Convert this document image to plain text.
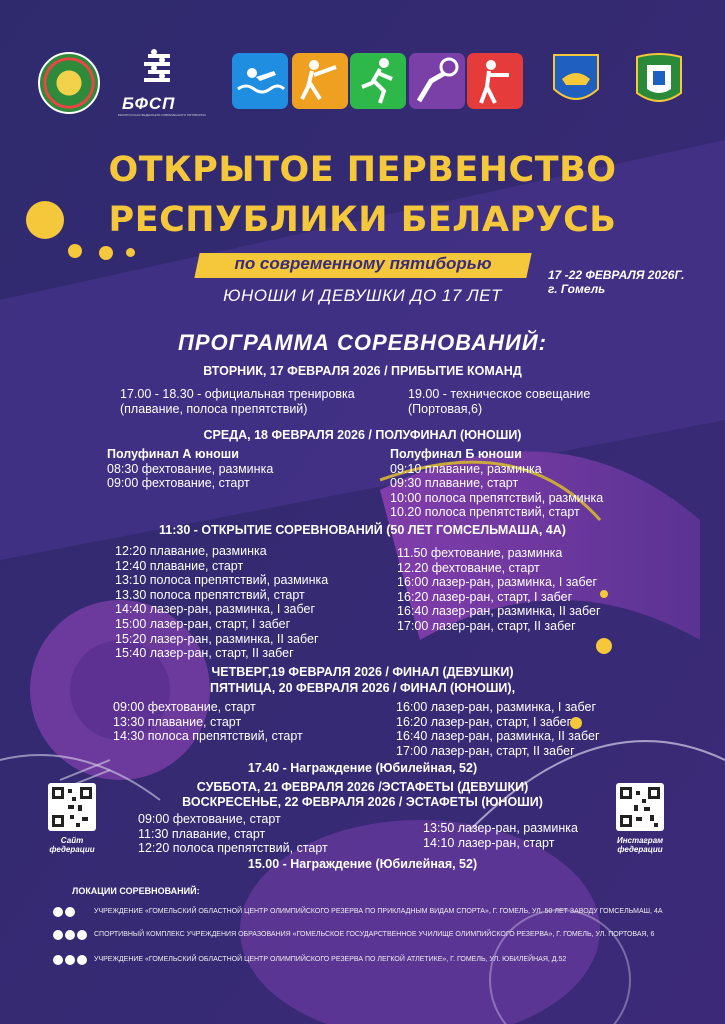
БФСП
БЕЛОРУССКАЯ ФЕДЕРАЦИЯ СОВРЕМЕННОГО ПЯТИБОРЬЯ
ОТКРЫТОЕ ПЕРВЕНСТВО
РЕСПУБЛИКИ БЕЛАРУСЬ
по современному пятиборью
ЮНОШИ И ДЕВУШКИ ДО 17 ЛЕТ
17 -22 ФЕВРАЛЯ 2026Г.
г. Гомель
ПРОГРАММА СОРЕВНОВАНИЙ:
ВТОРНИК, 17 ФЕВРАЛЯ 2026 / ПРИБЫТИЕ КОМАНД
17.00 - 18.30 - официальная тренировка
(плавание, полоса препятствий)
19.00 - техническое совещание
(Портовая,6)
СРЕДА, 18 ФЕВРАЛЯ 2026 / ПОЛУФИНАЛ (ЮНОШИ)
Полуфинал А юноши
08:30 фехтование, разминка
09:00 фехтование, старт
Полуфинал Б юноши
09:10 плавание, разминка
09:30 плавание, старт
10:00 полоса препятствий, разминка
10.20 полоса препятствий, старт
11:30 - ОТКРЫТИЕ СОРЕВНОВАНИЙ (50 ЛЕТ ГОМСЕЛЬМАША, 4А)
12:20 плавание, разминка
12:40 плавание, старт
13:10 полоса препятствий, разминка
13.30 полоса препятствий, старт
14:40 лазер-ран, разминка, I забег
15:00 лазер-ран, старт, I забег
15:20 лазер-ран, разминка, II забег
15:40 лазер-ран, старт, II забег
11.50 фехтование, разминка
12.20 фехтование, старт
16:00 лазер-ран, разминка, I забег
16:20 лазер-ран, старт, I забег
16:40 лазер-ран, разминка, II забег
17:00 лазер-ран, старт, II забег
ЧЕТВЕРГ,19 ФЕВРАЛЯ 2026 / ФИНАЛ (ДЕВУШКИ)
ПЯТНИЦА, 20 ФЕВРАЛЯ 2026 / ФИНАЛ (ЮНОШИ),
09:00 фехтование, старт
13:30 плавание, старт
14:30 полоса препятствий, старт
16:00 лазер-ран, разминка, I забег
16:20 лазер-ран, старт, I забег
16:40 лазер-ран, разминка, II забег
17:00 лазер-ран, старт, II забег
17.40 - Награждение (Юбилейная, 52)
СУББОТА, 21 ФЕВРАЛЯ 2026 /ЭСТАФЕТЫ (ДЕВУШКИ)
ВОСКРЕСЕНЬЕ, 22 ФЕВРАЛЯ 2026 / ЭСТАФЕТЫ (ЮНОШИ)
09:00 фехтование, старт
11:30 плавание, старт
12:20 полоса препятствий, старт
13:50 лазер-ран, разминка
14:10 лазер-ран, старт
15.00 - Награждение (Юбилейная, 52)
Сайт федерации
Инстаграм федерации
ЛОКАЦИИ СОРЕВНОВАНИЙ:
УЧРЕЖДЕНИЕ «ГОМЕЛЬСКИЙ ОБЛАСТНОЙ ЦЕНТР ОЛИМПИЙСКОГО РЕЗЕРВА ПО ПРИКЛАДНЫМ ВИДАМ СПОРТА», Г. ГОМЕЛЬ, УЛ. 50 ЛЕТ ЗАВОДУ ГОМСЕЛЬМАШ, 4А
СПОРТИВНЫЙ КОМПЛЕКС УЧРЕЖДЕНИЯ ОБРАЗОВАНИЯ «ГОМЕЛЬСКОЕ ГОСУДАРСТВЕННОЕ УЧИЛИЩЕ ОЛИМПИЙСКОГО РЕЗЕРВА», Г. ГОМЕЛЬ, УЛ. ПОРТОВАЯ, 6
УЧРЕЖДЕНИЕ «ГОМЕЛЬСКИЙ ОБЛАСТНОЙ ЦЕНТР ОЛИМПИЙСКОГО РЕЗЕРВА ПО ЛЕГКОЙ АТЛЕТИКЕ», Г. ГОМЕЛЬ, УЛ. ЮБИЛЕЙНАЯ, Д.52
